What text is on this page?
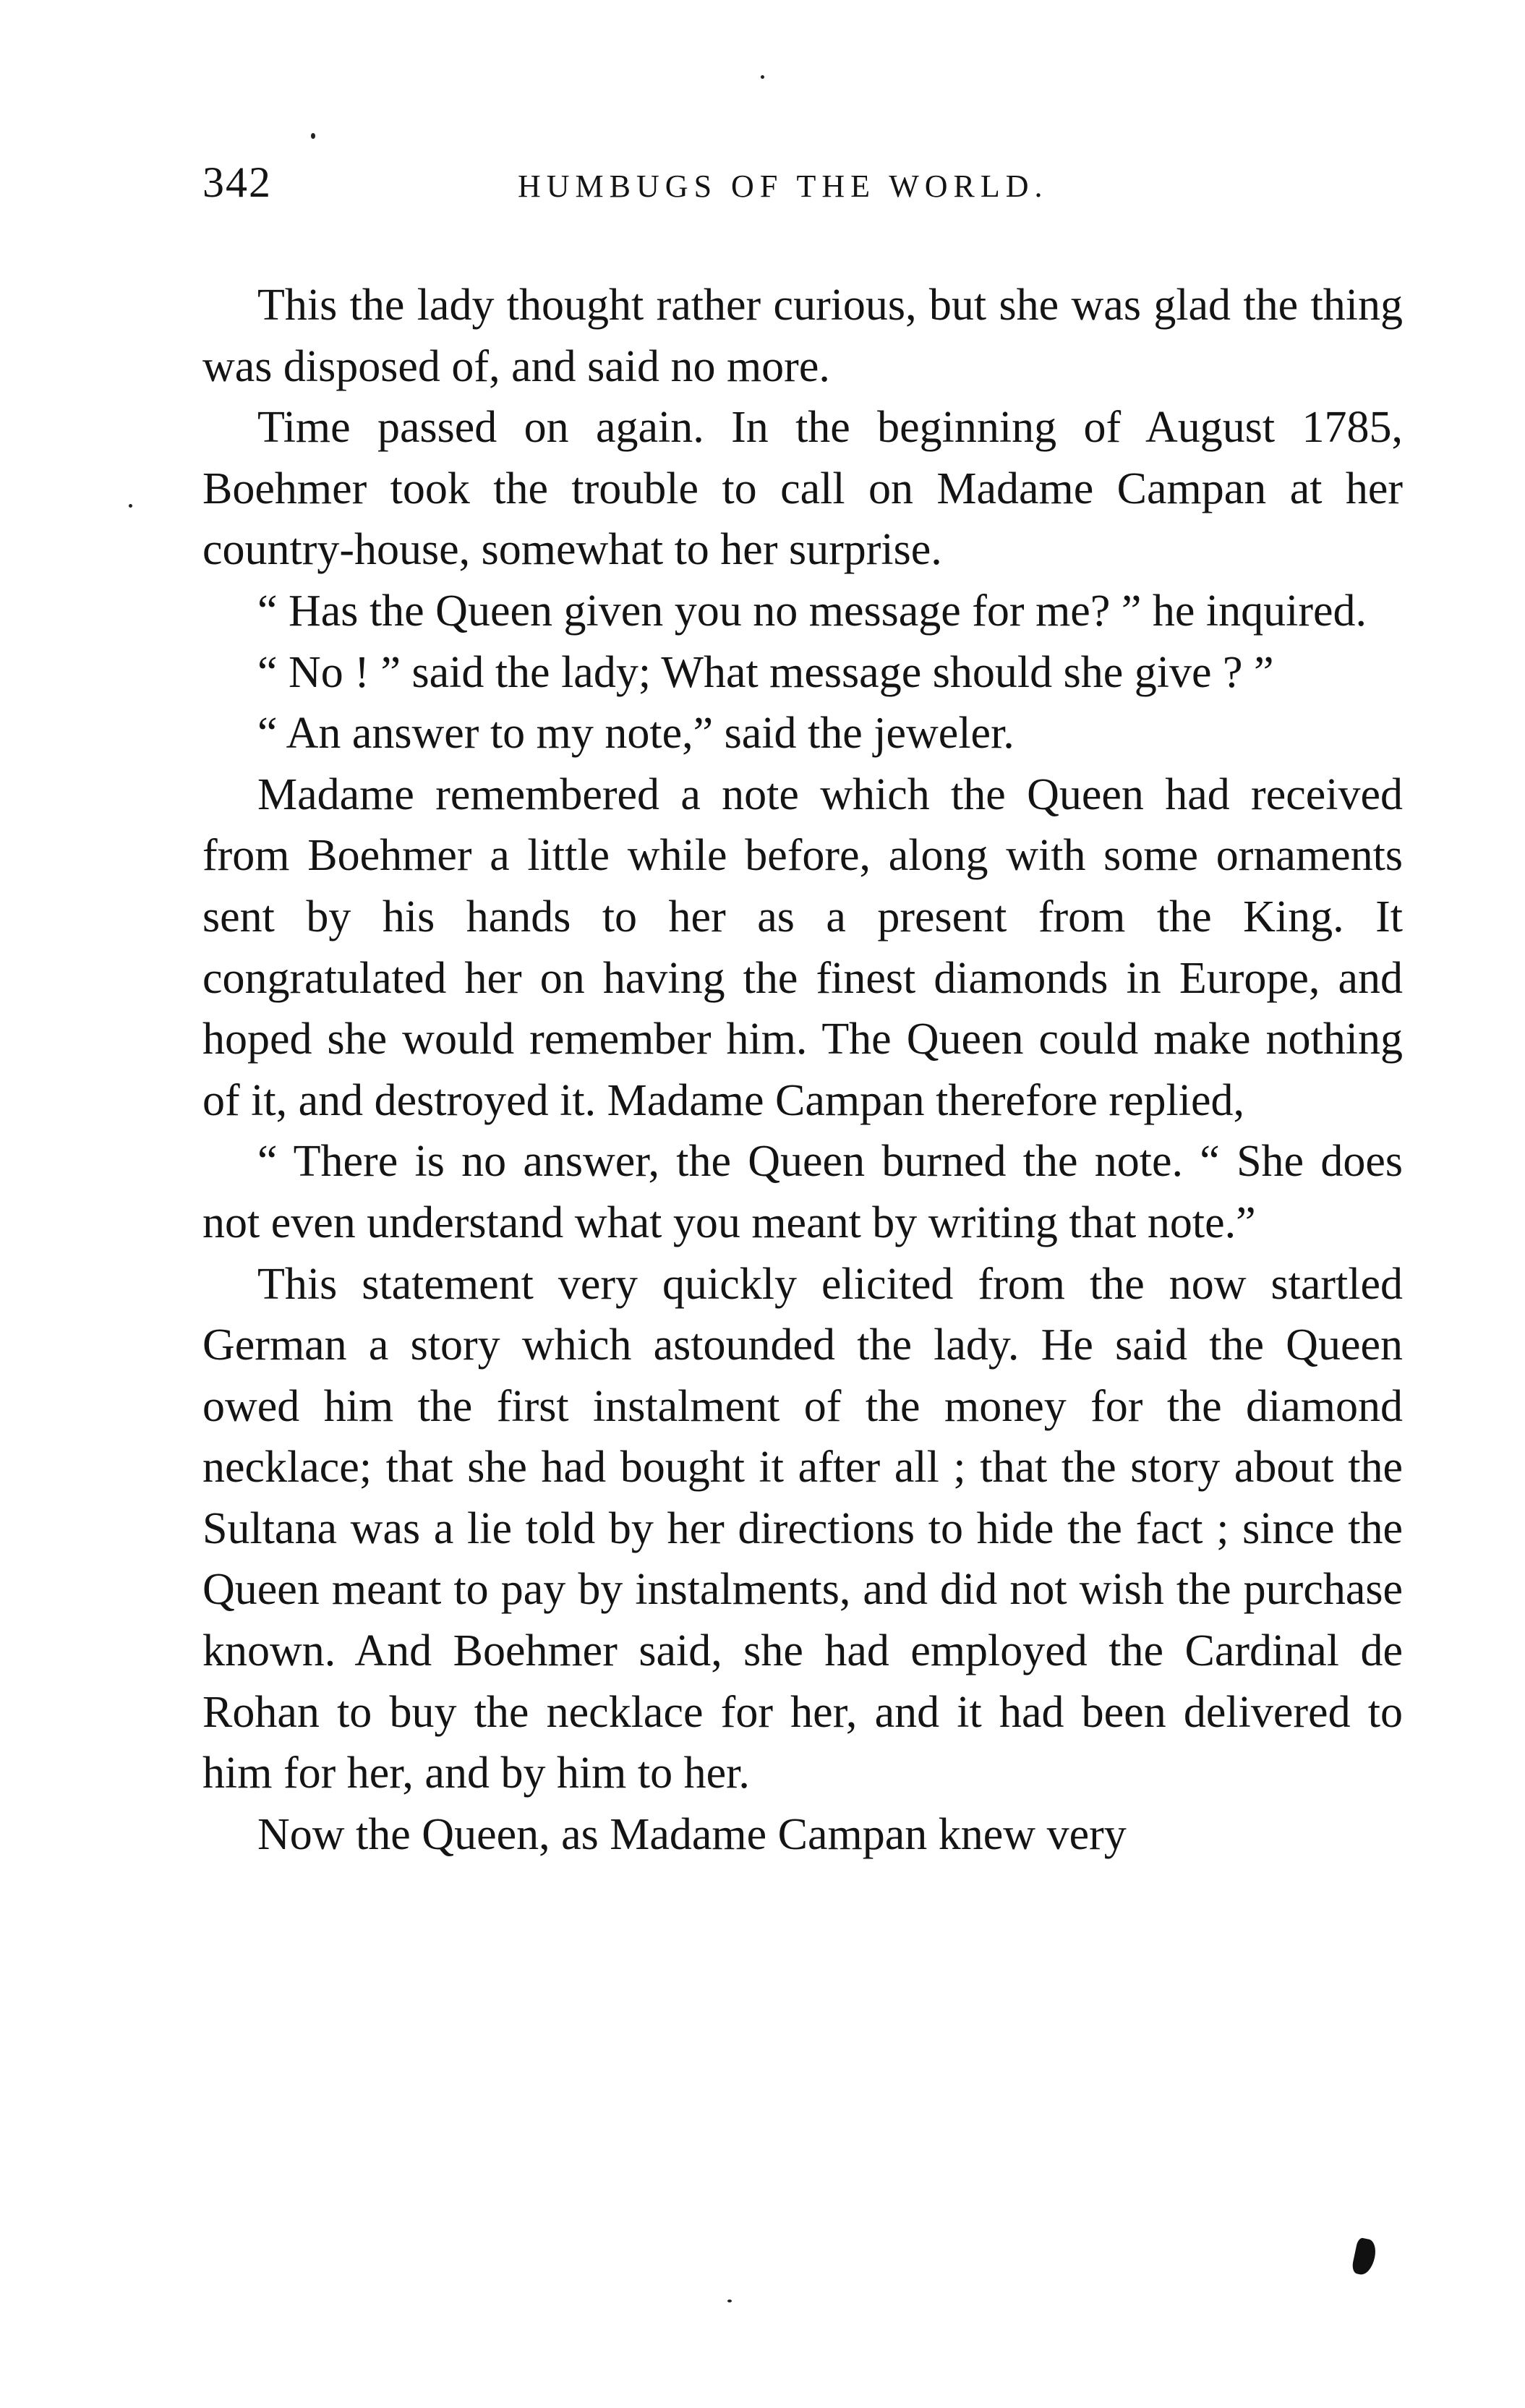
342	HUMBUGS OF THE WORLD.

This the lady thought rather curious, but she was glad the thing was disposed of, and said no more.

Time passed on again. In the beginning of August 1785, Boehmer took the trouble to call on Madame Campan at her country-house, somewhat to her surprise.

“ Has the Queen given you no message for me? ” he inquired.

“ No ! ” said the lady; What message should she give ? ”

“ An answer to my note,” said the jeweler.

Madame remembered a note which the Queen had received from Boehmer a little while before, along with some ornaments sent by his hands to her as a present from the King. It congratulated her on having the finest diamonds in Europe, and hoped she would remember him. The Queen could make nothing of it, and destroyed it. Madame Campan therefore replied,

“ There is no answer, the Queen burned the note. “ She does not even understand what you meant by writing that note.”

This statement very quickly elicited from the now startled German a story which astounded the lady. He said the Queen owed him the first instalment of the money for the diamond necklace; that she had bought it after all ; that the story about the Sultana was a lie told by her directions to hide the fact ; since the Queen meant to pay by instalments, and did not wish the purchase known. And Boehmer said, she had employed the Cardinal de Rohan to buy the necklace for her, and it had been delivered to him for her, and by him to her.

Now the Queen, as Madame Campan knew very
